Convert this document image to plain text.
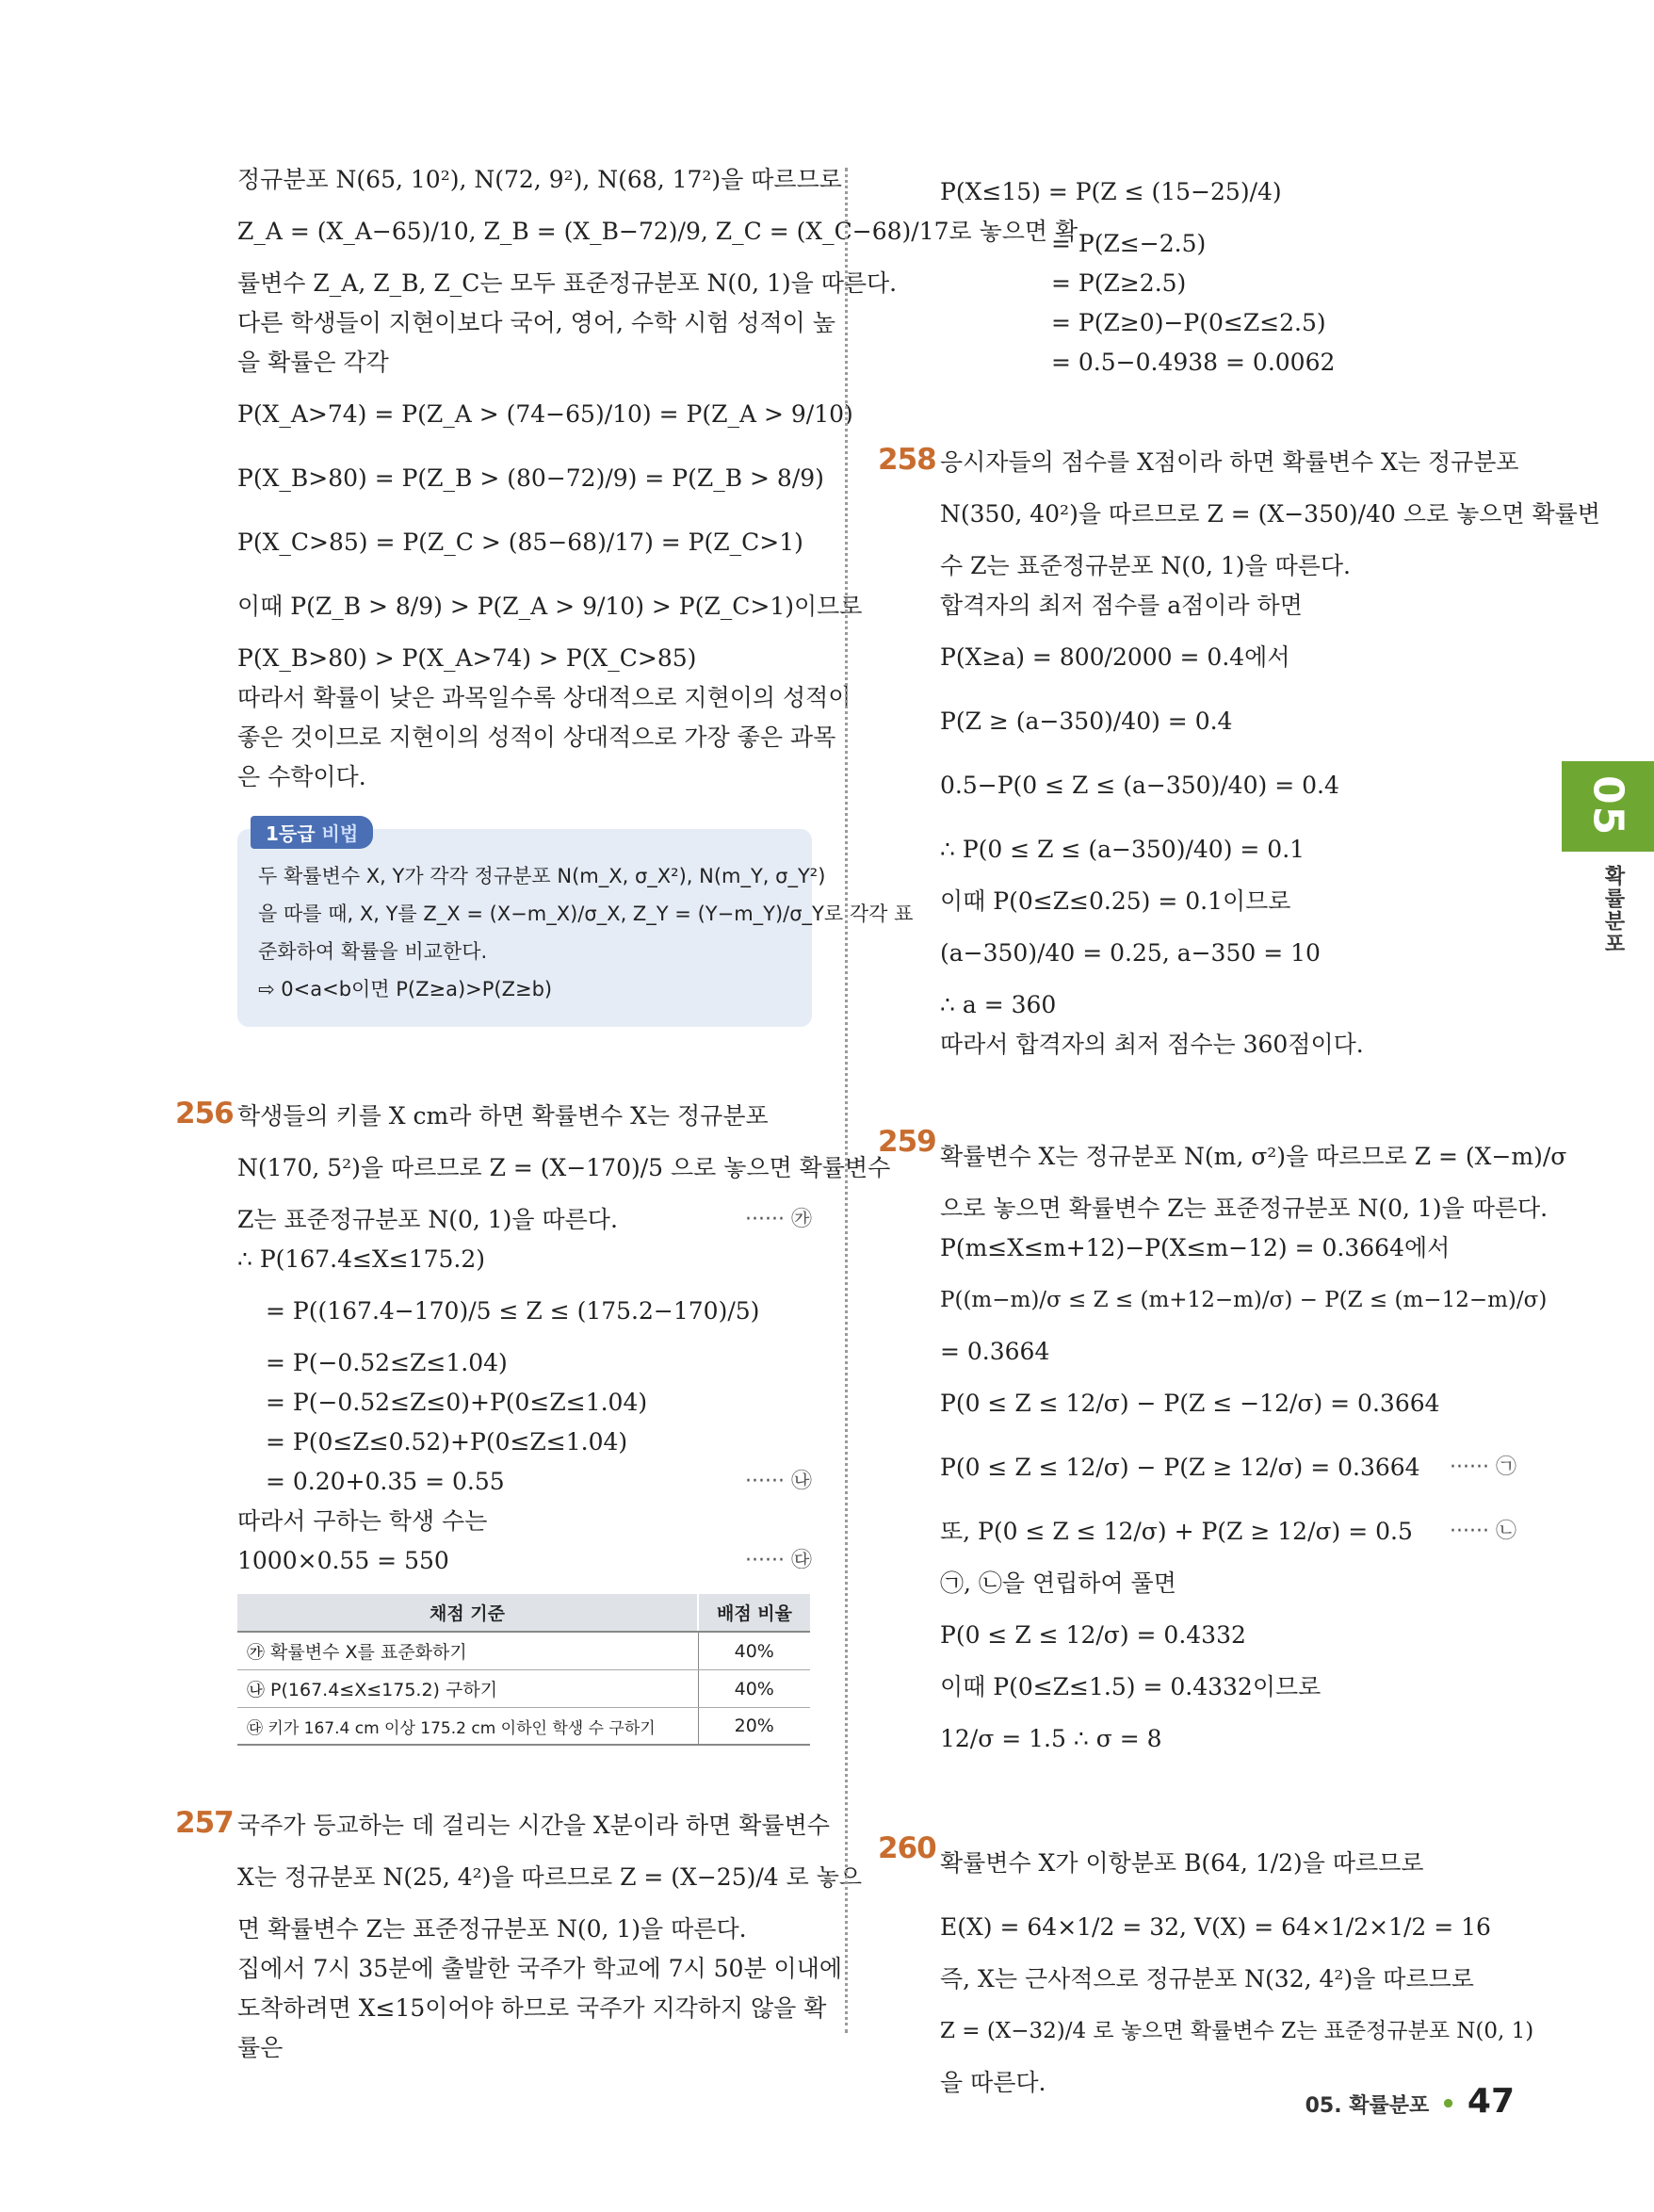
정규분포 N(65, 10²), N(72, 9²), N(68, 17²)을 따르므로
Z_A = (X_A−65)/10, Z_B = (X_B−72)/9, Z_C = (X_C−68)/17로 놓으면 확
률변수 Z_A, Z_B, Z_C는 모두 표준정규분포 N(0, 1)을 따른다.
다른 학생들이 지현이보다 국어, 영어, 수학 시험 성적이 높
을 확률은 각각
P(X_A>74) = P(Z_A > (74−65)/10) = P(Z_A > 9/10)
P(X_B>80) = P(Z_B > (80−72)/9) = P(Z_B > 8/9)
P(X_C>85) = P(Z_C > (85−68)/17) = P(Z_C>1)
이때 P(Z_B > 8/9) > P(Z_A > 9/10) > P(Z_C>1)이므로
P(X_B>80) > P(X_A>74) > P(X_C>85)
따라서 확률이 낮은 과목일수록 상대적으로 지현이의 성적이
좋은 것이므로 지현이의 성적이 상대적으로 가장 좋은 과목
은 수학이다.
1등급 비법
두 확률변수 X, Y가 각각 정규분포 N(m_X, σ_X²), N(m_Y, σ_Y²)
을 따를 때, X, Y를 Z_X = (X−m_X)/σ_X, Z_Y = (Y−m_Y)/σ_Y로 각각 표
준화하여 확률을 비교한다.
⇨ 0<a<b이면 P(Z≥a)>P(Z≥b)
256 학생들의 키를 X cm라 하면 확률변수 X는 정규분포
N(170, 5²)을 따르므로 Z = (X−170)/5 으로 놓으면 확률변수
Z는 표준정규분포 N(0, 1)을 따른다.	······ ㉮
∴ P(167.4≤X≤175.2)
= P((167.4−170)/5 ≤ Z ≤ (175.2−170)/5)
= P(−0.52≤Z≤1.04)
= P(−0.52≤Z≤0)+P(0≤Z≤1.04)
= P(0≤Z≤0.52)+P(0≤Z≤1.04)
= 0.20+0.35 = 0.55	······ ㉯
따라서 구하는 학생 수는
1000×0.55 = 550	······ ㉰
채점 기준	배점 비율
㉮ 확률변수 X를 표준화하기	40%
㉯ P(167.4≤X≤175.2) 구하기	40%
㉰ 키가 167.4 cm 이상 175.2 cm 이하인 학생 수 구하기	20%
257 국주가 등교하는 데 걸리는 시간을 X분이라 하면 확률변수
X는 정규분포 N(25, 4²)을 따르므로 Z = (X−25)/4 로 놓으
면 확률변수 Z는 표준정규분포 N(0, 1)을 따른다.
집에서 7시 35분에 출발한 국주가 학교에 7시 50분 이내에
도착하려면 X≤15이어야 하므로 국주가 지각하지 않을 확
률은
P(X≤15) = P(Z ≤ (15−25)/4)
= P(Z≤−2.5)
= P(Z≥2.5)
= P(Z≥0)−P(0≤Z≤2.5)
= 0.5−0.4938 = 0.0062
258 응시자들의 점수를 X점이라 하면 확률변수 X는 정규분포
N(350, 40²)을 따르므로 Z = (X−350)/40 으로 놓으면 확률변
수 Z는 표준정규분포 N(0, 1)을 따른다.
합격자의 최저 점수를 a점이라 하면
P(X≥a) = 800/2000 = 0.4에서
P(Z ≥ (a−350)/40) = 0.4
0.5−P(0 ≤ Z ≤ (a−350)/40) = 0.4
∴ P(0 ≤ Z ≤ (a−350)/40) = 0.1
이때 P(0≤Z≤0.25) = 0.1이므로
(a−350)/40 = 0.25, a−350 = 10
∴ a = 360
따라서 합격자의 최저 점수는 360점이다.
259 확률변수 X는 정규분포 N(m, σ²)을 따르므로 Z = (X−m)/σ
으로 놓으면 확률변수 Z는 표준정규분포 N(0, 1)을 따른다.
P(m≤X≤m+12)−P(X≤m−12) = 0.3664에서
P((m−m)/σ ≤ Z ≤ (m+12−m)/σ) − P(Z ≤ (m−12−m)/σ)
= 0.3664
P(0 ≤ Z ≤ 12/σ) − P(Z ≤ −12/σ) = 0.3664
P(0 ≤ Z ≤ 12/σ) − P(Z ≥ 12/σ) = 0.3664 ······ ㉠
또, P(0 ≤ Z ≤ 12/σ) + P(Z ≥ 12/σ) = 0.5 ······ ㉡
㉠, ㉡을 연립하여 풀면
P(0 ≤ Z ≤ 12/σ) = 0.4332
이때 P(0≤Z≤1.5) = 0.4332이므로
12/σ = 1.5 ∴ σ = 8
260 확률변수 X가 이항분포 B(64, 1/2)을 따르므로
E(X) = 64×1/2 = 32, V(X) = 64×1/2×1/2 = 16
즉, X는 근사적으로 정규분포 N(32, 4²)을 따르므로
Z = (X−32)/4 로 놓으면 확률변수 Z는 표준정규분포 N(0, 1)
을 따른다.
05
확률분포
05. 확률분포 • 47
